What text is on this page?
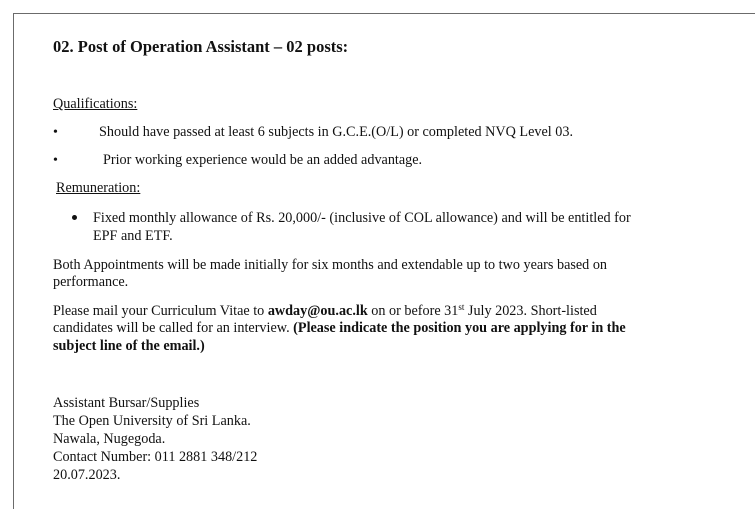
02. Post of Operation Assistant – 02 posts:
Qualifications:
•	Should have passed at least 6 subjects in G.C.E.(O/L) or completed NVQ Level 03.
•	Prior working experience would be an added advantage.
Remuneration:
Fixed monthly allowance of Rs. 20,000/- (inclusive of COL allowance) and will be entitled for
EPF and ETF.
Both Appointments will be made initially for six months and extendable up to two years based on
performance.
Please mail your Curriculum Vitae to awday@ou.ac.lk on or before 31st July 2023. Short-listed
candidates will be called for an interview. (Please indicate the position you are applying for in the
subject line of the email.)
Assistant Bursar/Supplies
The Open University of Sri Lanka.
Nawala, Nugegoda.
Contact Number: 011 2881 348/212
20.07.2023.
